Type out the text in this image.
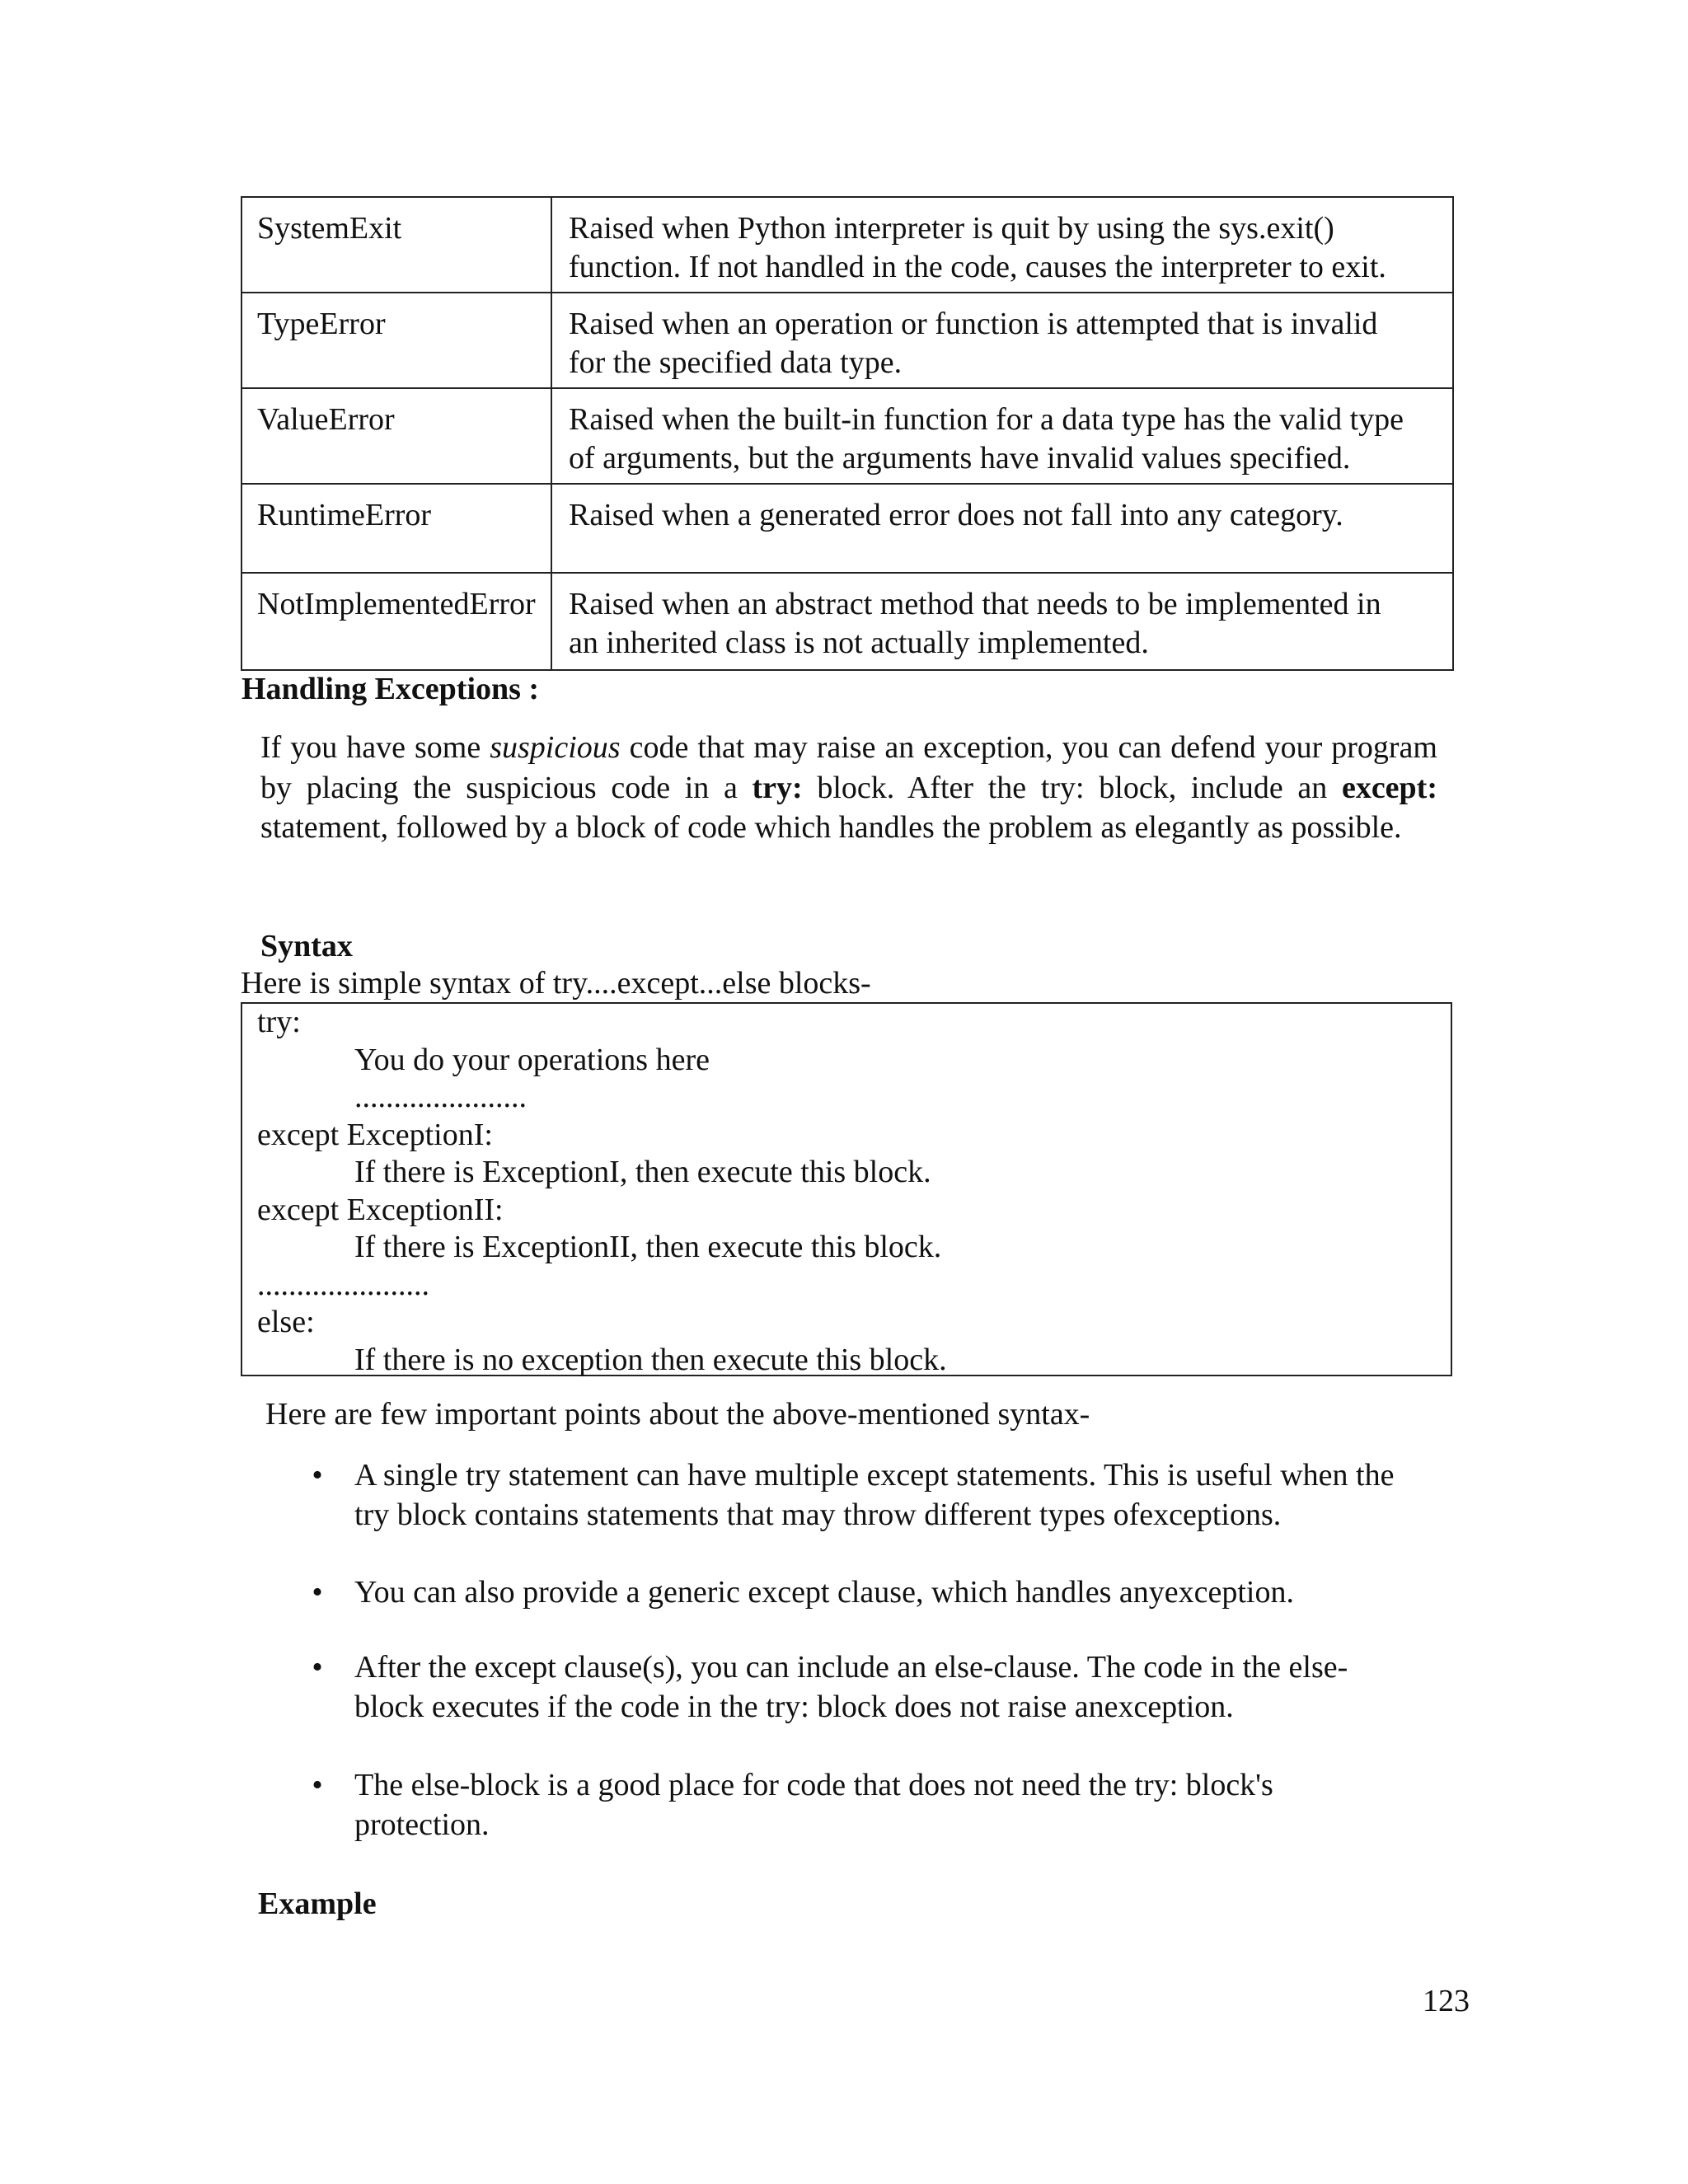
SystemExit	Raised when Python interpreter is quit by using the sys.exit()
function. If not handled in the code, causes the interpreter to exit.
TypeError	Raised when an operation or function is attempted that is invalid
for the specified data type.
ValueError	Raised when the built-in function for a data type has the valid type
of arguments, but the arguments have invalid values specified.
RuntimeError	Raised when a generated error does not fall into any category.
NotImplementedError	Raised when an abstract method that needs to be implemented in
an inherited class is not actually implemented.

Handling Exceptions :

If you have some suspicious code that may raise an exception, you can defend your program by placing the suspicious code in a try: block. After the try: block, include an except: statement, followed by a block of code which handles the problem as elegantly as possible.

Syntax

Here is simple syntax of try....except...else blocks-

try:
You do your operations here
......................
except ExceptionI:
If there is ExceptionI, then execute this block.
except ExceptionII:
If there is ExceptionII, then execute this block.
......................
else:
If there is no exception then execute this block.

Here are few important points about the above-mentioned syntax-

• A single try statement can have multiple except statements. This is useful when the try block contains statements that may throw different types ofexceptions.
• You can also provide a generic except clause, which handles anyexception.
• After the except clause(s), you can include an else-clause. The code in the else-block executes if the code in the try: block does not raise anexception.
• The else-block is a good place for code that does not need the try: block's protection.

Example

123
